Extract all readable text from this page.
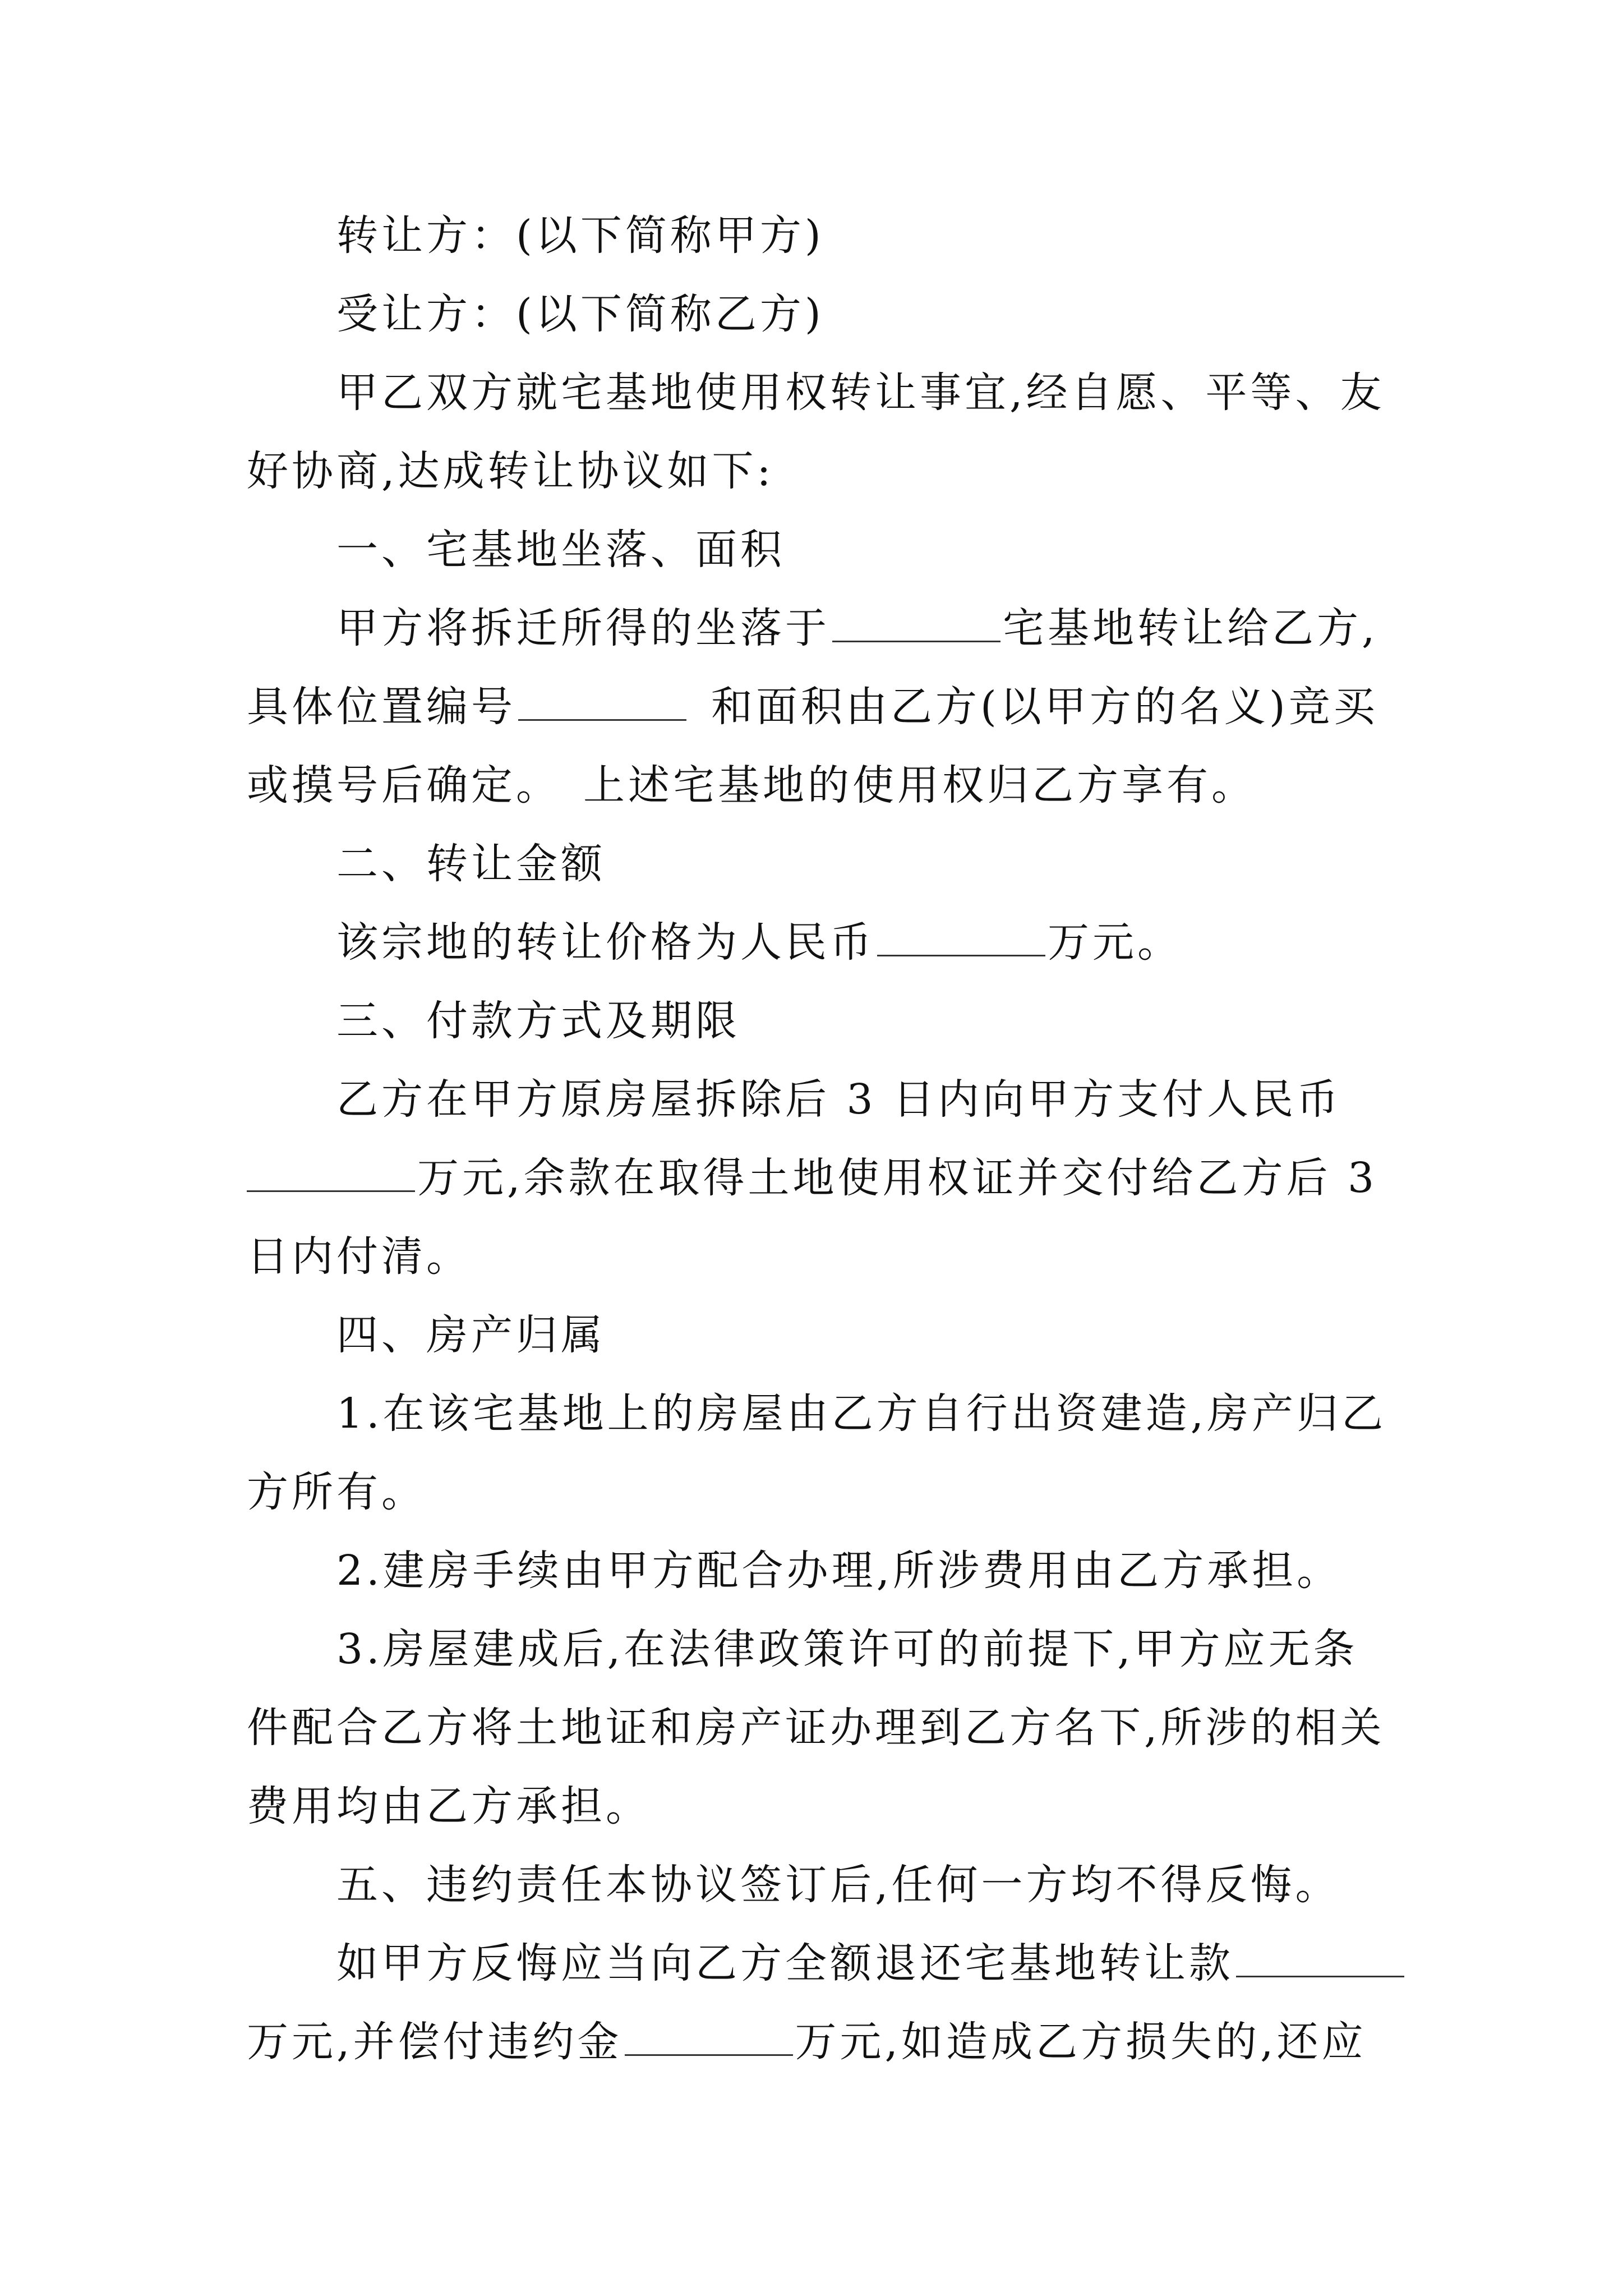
转让方：(以下简称甲方)
受让方：(以下简称乙方)
甲乙双方就宅基地使用权转让事宜,经自愿、平等、友
好协商,达成转让协议如下:
一、宅基地坐落、面积
甲方将拆迁所得的坐落于	宅基地转让给乙方,
具体位置编号	和面积由乙方(以甲方的名义)竞买
或摸号后确定。 上述宅基地的使用权归乙方享有。
二、转让金额
该宗地的转让价格为人民币	万元。
三、付款方式及期限
乙方在甲方原房屋拆除后 3 日内向甲方支付人民币
万元,余款在取得土地使用权证并交付给乙方后 3
日内付清。
四、房产归属
1.在该宅基地上的房屋由乙方自行出资建造,房产归乙
方所有。
2.建房手续由甲方配合办理,所涉费用由乙方承担。
3.房屋建成后,在法律政策许可的前提下,甲方应无条
件配合乙方将土地证和房产证办理到乙方名下,所涉的相关
费用均由乙方承担。
五、违约责任本协议签订后,任何一方均不得反悔。
如甲方反悔应当向乙方全额退还宅基地转让款
万元,并偿付违约金	万元,如造成乙方损失的,还应
